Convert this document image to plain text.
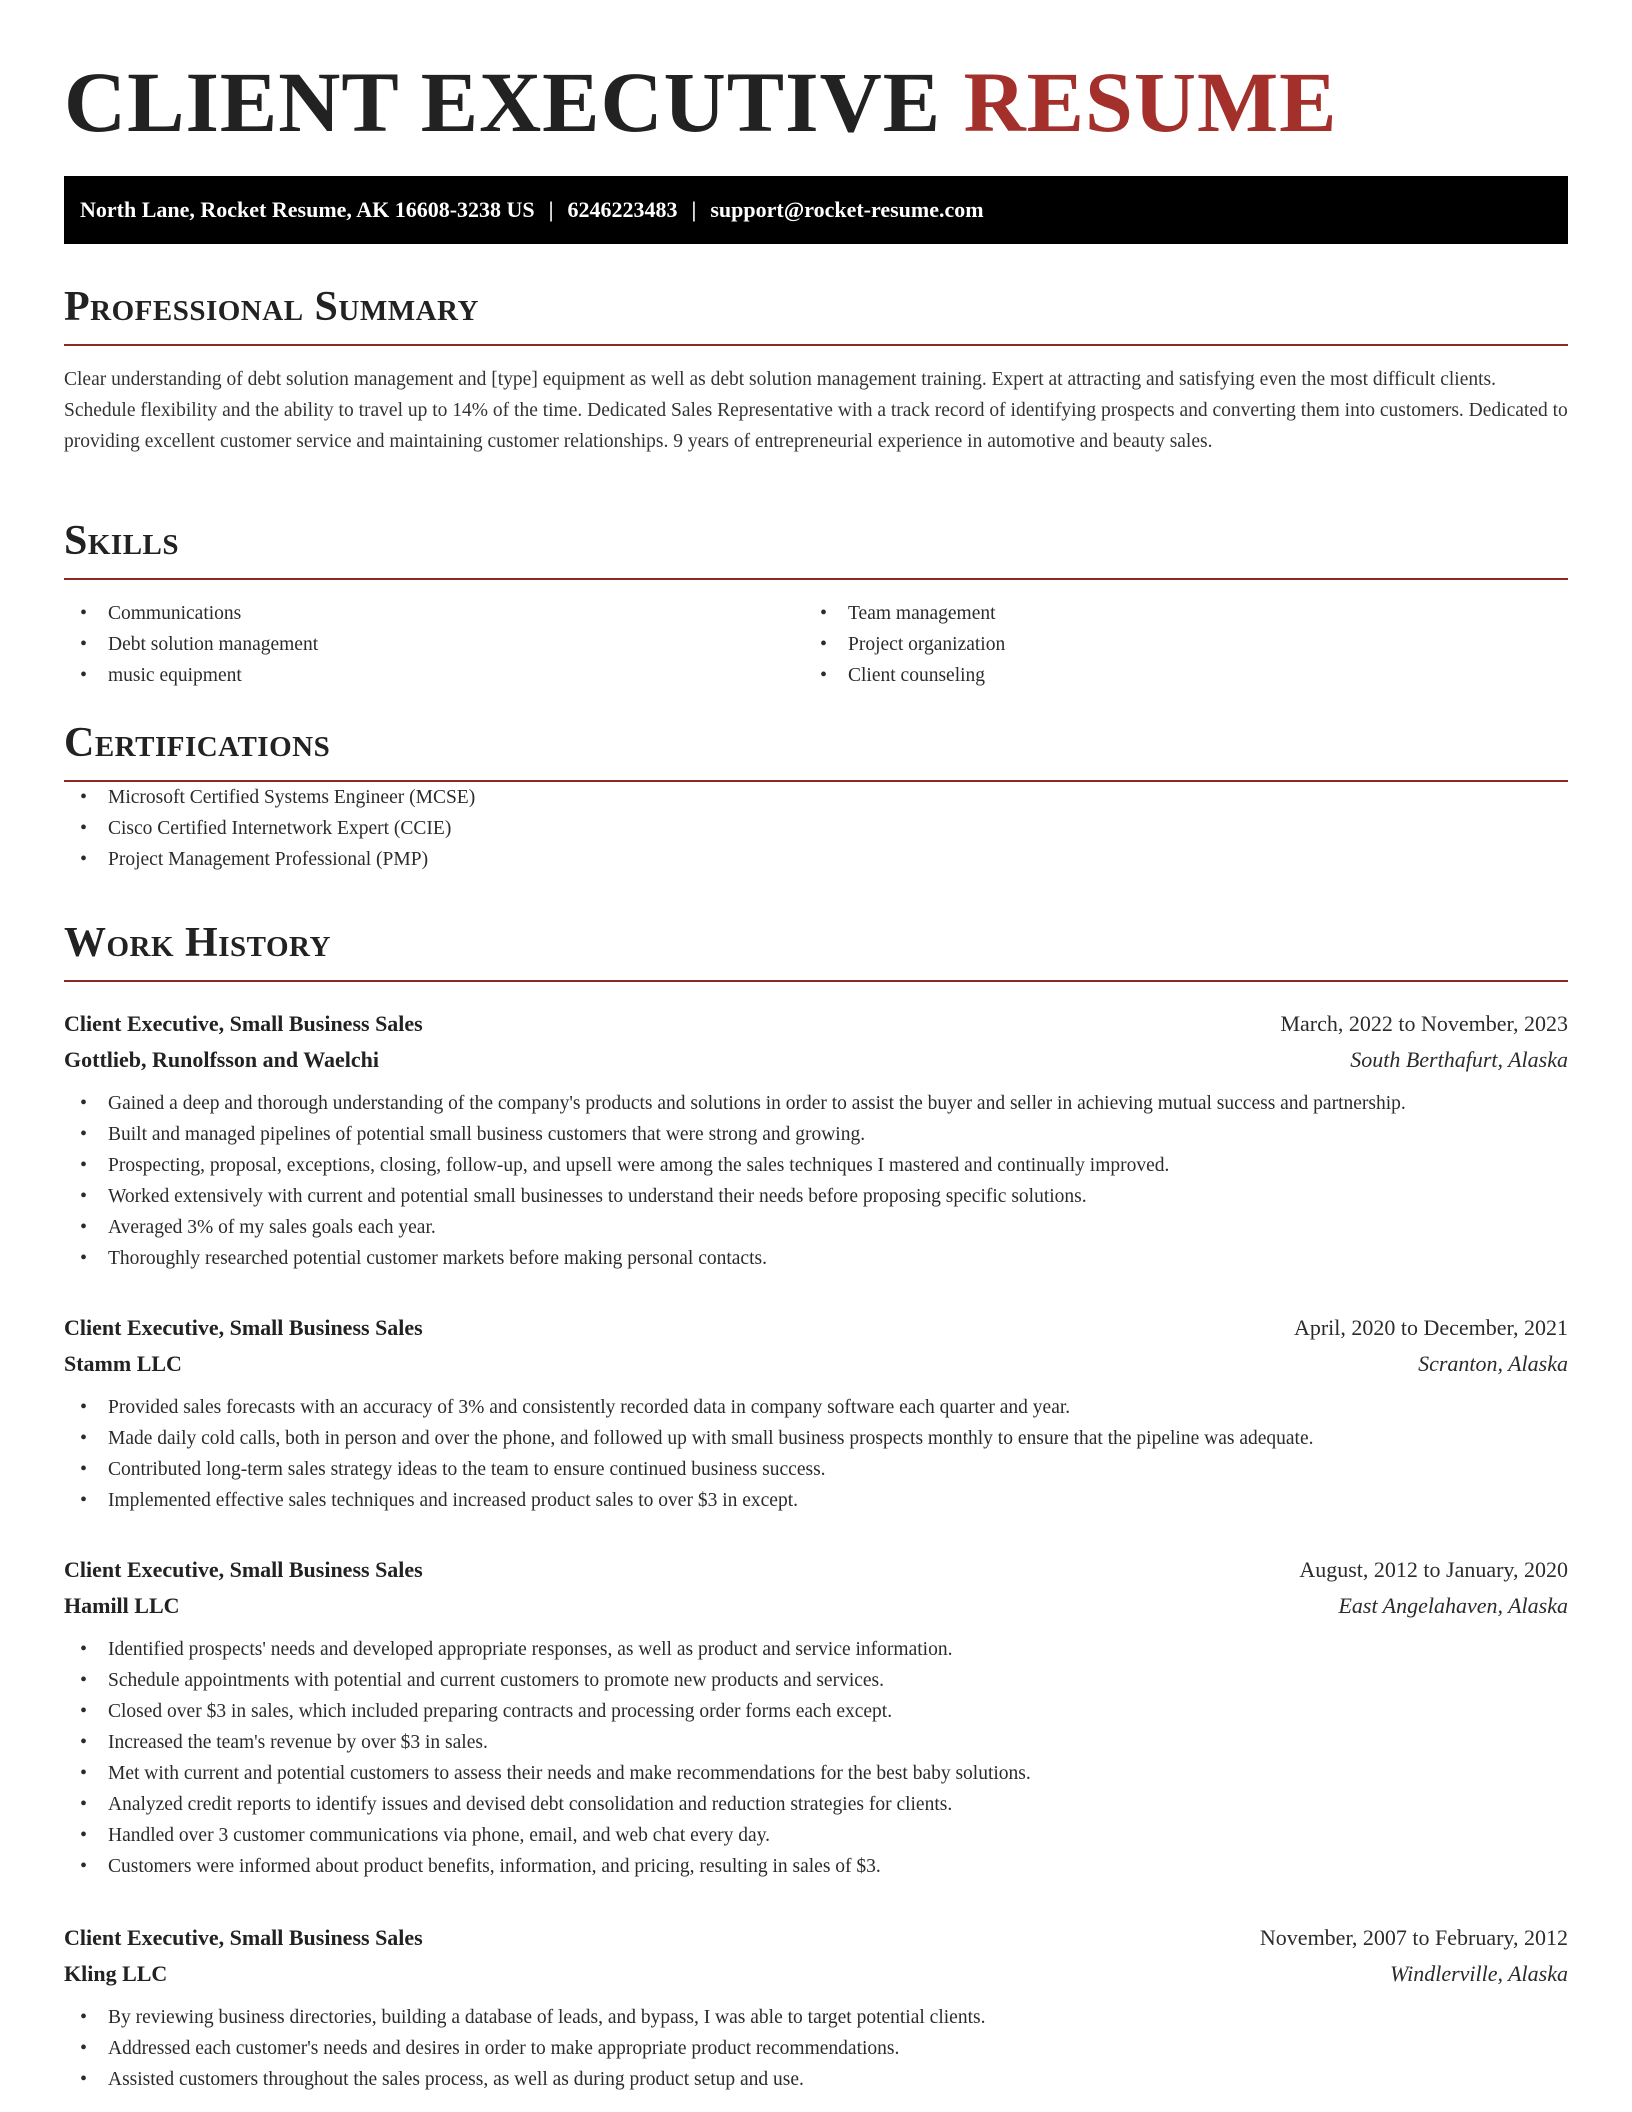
CLIENT EXECUTIVE RESUME
North Lane, Rocket Resume, AK 16608-3238 US | 6246223483 | support@rocket-resume.com
Professional Summary

Clear understanding of debt solution management and [type] equipment as well as debt solution management training. Expert at attracting and satisfying even the most difficult clients. Schedule flexibility and the ability to travel up to 14% of the time. Dedicated Sales Representative with a track record of identifying prospects and converting them into customers. Dedicated to providing excellent customer service and maintaining customer relationships. 9 years of entrepreneurial experience in automotive and beauty sales.

Skills
• Communications
• Debt solution management
• music equipment
• Team management
• Project organization
• Client counseling
Certifications
• Microsoft Certified Systems Engineer (MCSE)
• Cisco Certified Internetwork Expert (CCIE)
• Project Management Professional (PMP)
Work History
Client Executive, Small Business Sales	March, 2022 to November, 2023
Gottlieb, Runolfsson and Waelchi	South Berthafurt, Alaska
• Gained a deep and thorough understanding of the company's products and solutions in order to assist the buyer and seller in achieving mutual success and partnership.
• Built and managed pipelines of potential small business customers that were strong and growing.
• Prospecting, proposal, exceptions, closing, follow-up, and upsell were among the sales techniques I mastered and continually improved.
• Worked extensively with current and potential small businesses to understand their needs before proposing specific solutions.
• Averaged 3% of my sales goals each year.
• Thoroughly researched potential customer markets before making personal contacts.
Client Executive, Small Business Sales	April, 2020 to December, 2021
Stamm LLC	Scranton, Alaska
• Provided sales forecasts with an accuracy of 3% and consistently recorded data in company software each quarter and year.
• Made daily cold calls, both in person and over the phone, and followed up with small business prospects monthly to ensure that the pipeline was adequate.
• Contributed long-term sales strategy ideas to the team to ensure continued business success.
• Implemented effective sales techniques and increased product sales to over $3 in except.
Client Executive, Small Business Sales	August, 2012 to January, 2020
Hamill LLC	East Angelahaven, Alaska
• Identified prospects' needs and developed appropriate responses, as well as product and service information.
• Schedule appointments with potential and current customers to promote new products and services.
• Closed over $3 in sales, which included preparing contracts and processing order forms each except.
• Increased the team's revenue by over $3 in sales.
• Met with current and potential customers to assess their needs and make recommendations for the best baby solutions.
• Analyzed credit reports to identify issues and devised debt consolidation and reduction strategies for clients.
• Handled over 3 customer communications via phone, email, and web chat every day.
• Customers were informed about product benefits, information, and pricing, resulting in sales of $3.
Client Executive, Small Business Sales	November, 2007 to February, 2012
Kling LLC	Windlerville, Alaska
• By reviewing business directories, building a database of leads, and bypass, I was able to target potential clients.
• Addressed each customer's needs and desires in order to make appropriate product recommendations.
• Assisted customers throughout the sales process, as well as during product setup and use.
